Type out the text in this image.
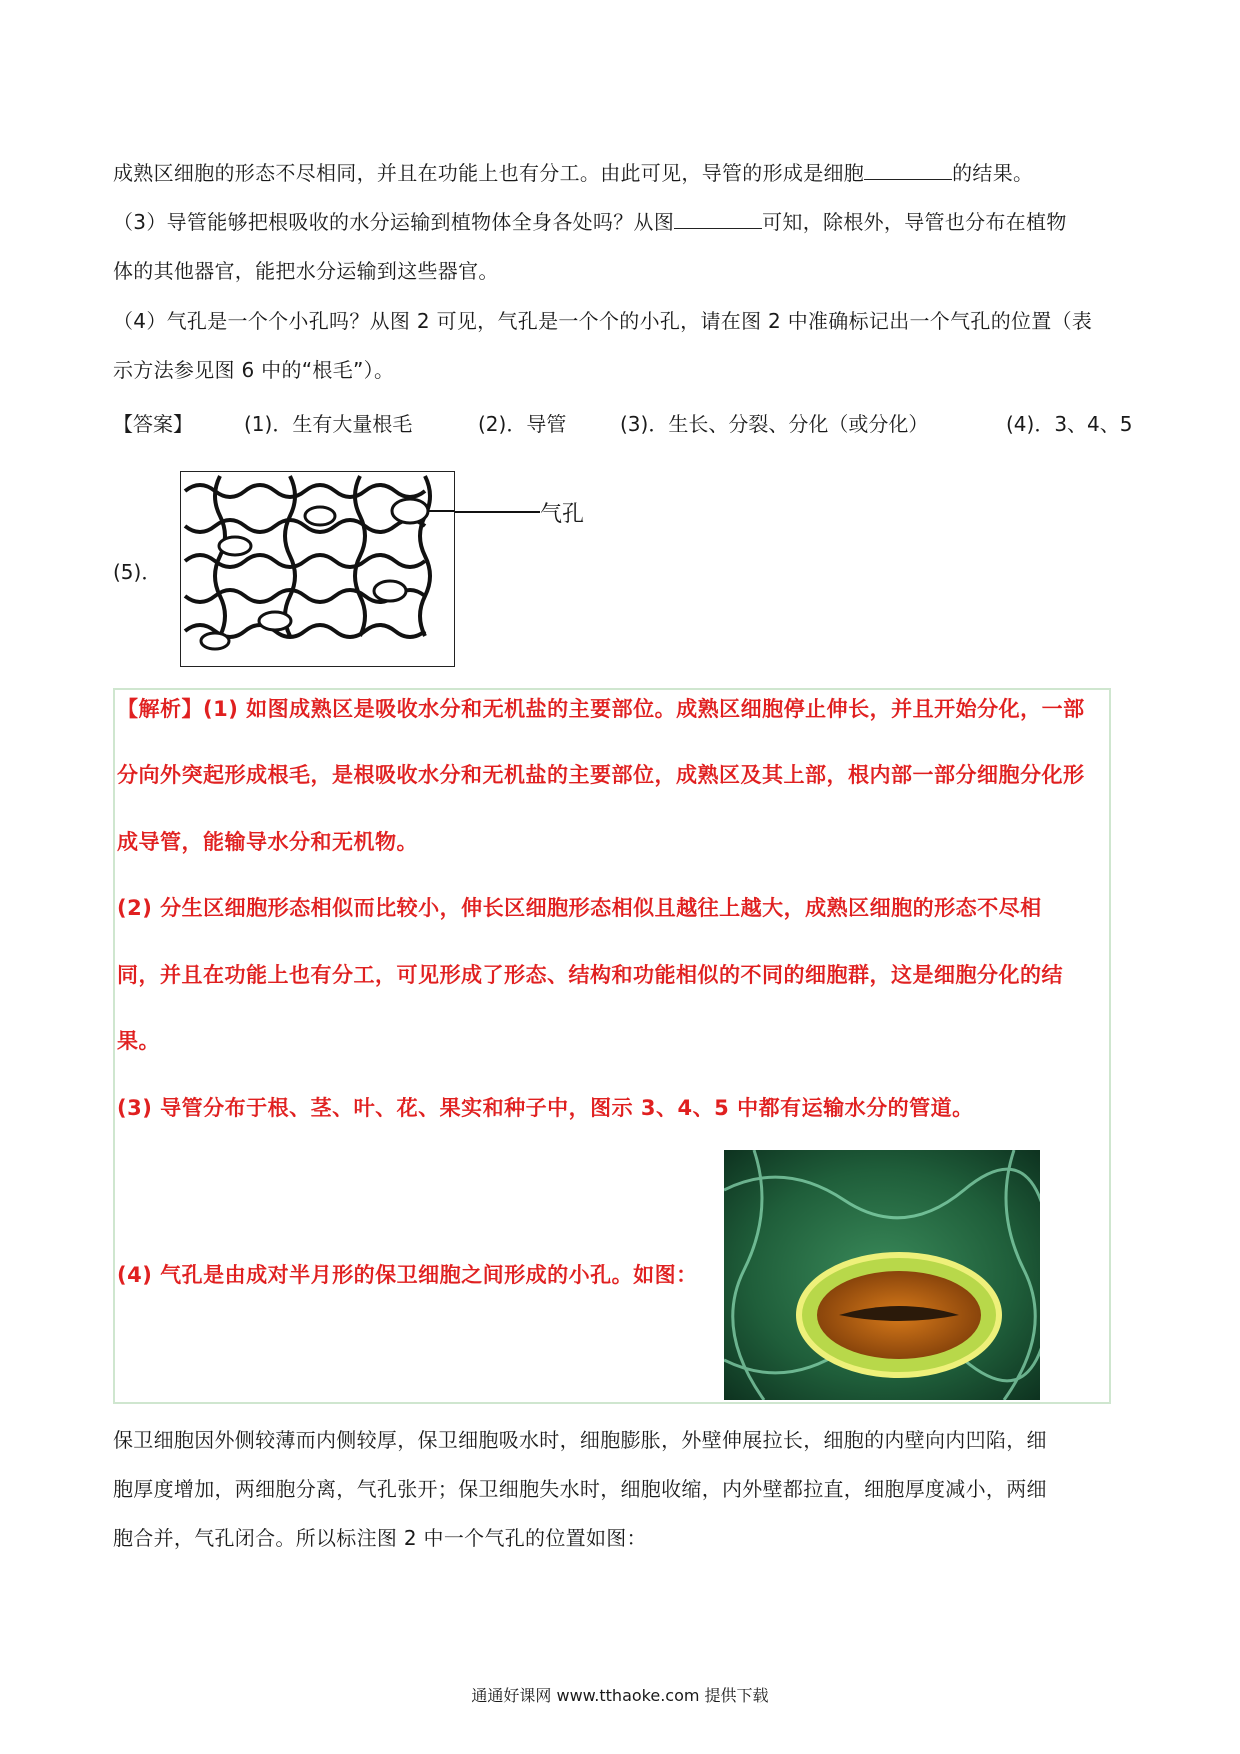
成熟区细胞的形态不尽相同，并且在功能上也有分工。由此可见，导管的形成是细胞	的结果。
（3）导管能够把根吸收的水分运输到植物体全身各处吗？从图	可知，除根外，导管也分布在植物
体的其他器官，能把水分运输到这些器官。
（4）气孔是一个个小孔吗？从图 2 可见，气孔是一个个的小孔，请在图 2 中准确标记出一个气孔的位置（表
示方法参见图 6 中的“根毛”）。
【答案】	(1)．生有大量根毛	(2)．导管	(3)．生长、分裂、分化（或分化）	(4)．3、4、5
(5)．
气孔
【解析】(1) 如图成熟区是吸收水分和无机盐的主要部位。成熟区细胞停止伸长，并且开始分化，一部
分向外突起形成根毛，是根吸收水分和无机盐的主要部位，成熟区及其上部，根内部一部分细胞分化形
成导管，能输导水分和无机物。
(2) 分生区细胞形态相似而比较小，伸长区细胞形态相似且越往上越大，成熟区细胞的形态不尽相
同，并且在功能上也有分工，可见形成了形态、结构和功能相似的不同的细胞群，这是细胞分化的结
果。
(3) 导管分布于根、茎、叶、花、果实和种子中，图示 3、4、5 中都有运输水分的管道。
(4) 气孔是由成对半月形的保卫细胞之间形成的小孔。如图：
保卫细胞因外侧较薄而内侧较厚，保卫细胞吸水时，细胞膨胀，外壁伸展拉长，细胞的内壁向内凹陷，细
胞厚度增加，两细胞分离，气孔张开；保卫细胞失水时，细胞收缩，内外壁都拉直，细胞厚度减小，两细
胞合并，气孔闭合。所以标注图 2 中一个气孔的位置如图：
通通好课网 www.tthaoke.com 提供下载
